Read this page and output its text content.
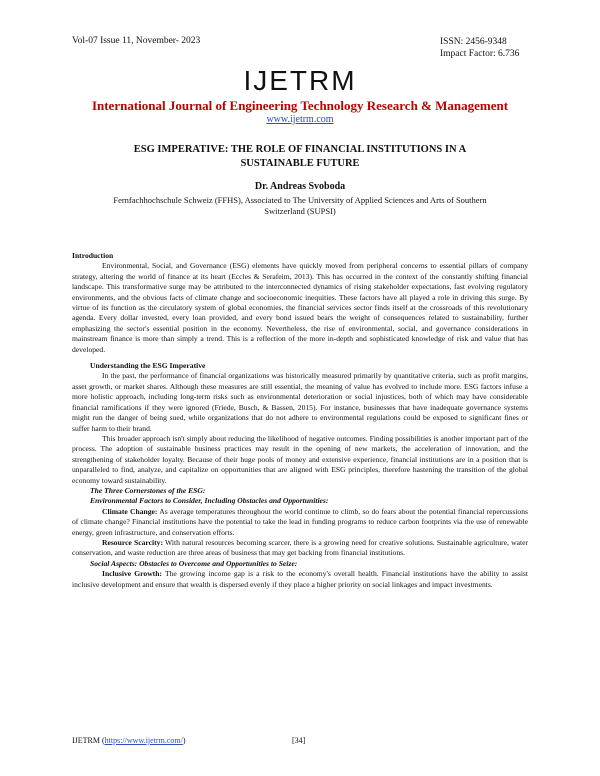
Vol-07 Issue 11, November- 2023	ISSN: 2456-9348
Impact Factor: 6.736
IJETRM
International Journal of Engineering Technology Research & Management
www.ijetrm.com
ESG IMPERATIVE: THE ROLE OF FINANCIAL INSTITUTIONS IN A
SUSTAINABLE FUTURE
Dr. Andreas Svoboda
Fernfachhochschule Schweiz (FFHS), Associated to The University of Applied Sciences and Arts of Southern
Switzerland (SUPSI)

Introduction

Environmental, Social, and Governance (ESG) elements have quickly moved from peripheral concerns to essential pillars of company strategy, altering the world of finance at its heart (Eccles & Serafeim, 2013). This has occurred in the context of the constantly shifting financial landscape. This transformative surge may be attributed to the interconnected dynamics of rising stakeholder expectations, fast evolving regulatory environments, and the obvious facts of climate change and socioeconomic inequities. These factors have all played a role in driving this surge. By virtue of its function as the circulatory system of global economies, the financial services sector finds itself at the crossroads of this revolutionary agenda. Every dollar invested, every loan provided, and every bond issued bears the weight of consequences related to sustainability, further emphasizing the sector's essential position in the economy. Nevertheless, the rise of environmental, social, and governance considerations in mainstream finance is more than simply a trend. This is a reflection of the more in-depth and sophisticated knowledge of risk and value that has developed.

Understanding the ESG Imperative

In the past, the performance of financial organizations was historically measured primarily by quantitative criteria, such as profit margins, asset growth, or market shares. Although these measures are still essential, the meaning of value has evolved to include more. ESG factors infuse a more holistic approach, including long-term risks such as environmental deterioration or social injustices, both of which may have considerable financial ramifications if they were ignored (Friede, Busch, & Bassen, 2015). For instance, businesses that have inadequate governance systems might run the danger of being sued, while organizations that do not adhere to environmental regulations could be exposed to significant fines or suffer harm to their brand.

This broader approach isn't simply about reducing the likelihood of negative outcomes. Finding possibilities is another important part of the process. The adoption of sustainable business practices may result in the opening of new markets, the acceleration of innovation, and the strengthening of stakeholder loyalty. Because of their huge pools of money and extensive experience, financial institutions are in a position that is unparalleled to find, analyze, and capitalize on opportunities that are aligned with ESG principles, therefore hastening the transition of the global economy toward sustainability.

The Three Cornerstones of the ESG:

Environmental Factors to Consider, Including Obstacles and Opportunities:

Climate Change: As average temperatures throughout the world continue to climb, so do fears about the potential financial repercussions of climate change? Financial institutions have the potential to take the lead in funding programs to reduce carbon footprints via the use of renewable energy, green infrastructure, and conservation efforts.

Resource Scarcity: With natural resources becoming scarcer, there is a growing need for creative solutions. Sustainable agriculture, water conservation, and waste reduction are three areas of business that may get backing from financial institutions.

Social Aspects: Obstacles to Overcome and Opportunities to Seize:

Inclusive Growth: The growing income gap is a risk to the economy's overall health. Financial institutions have the ability to assist inclusive development and ensure that wealth is dispersed evenly if they place a higher priority on social linkages and impact investments.

IJETRM (https://www.ijetrm.com/)	[34]
